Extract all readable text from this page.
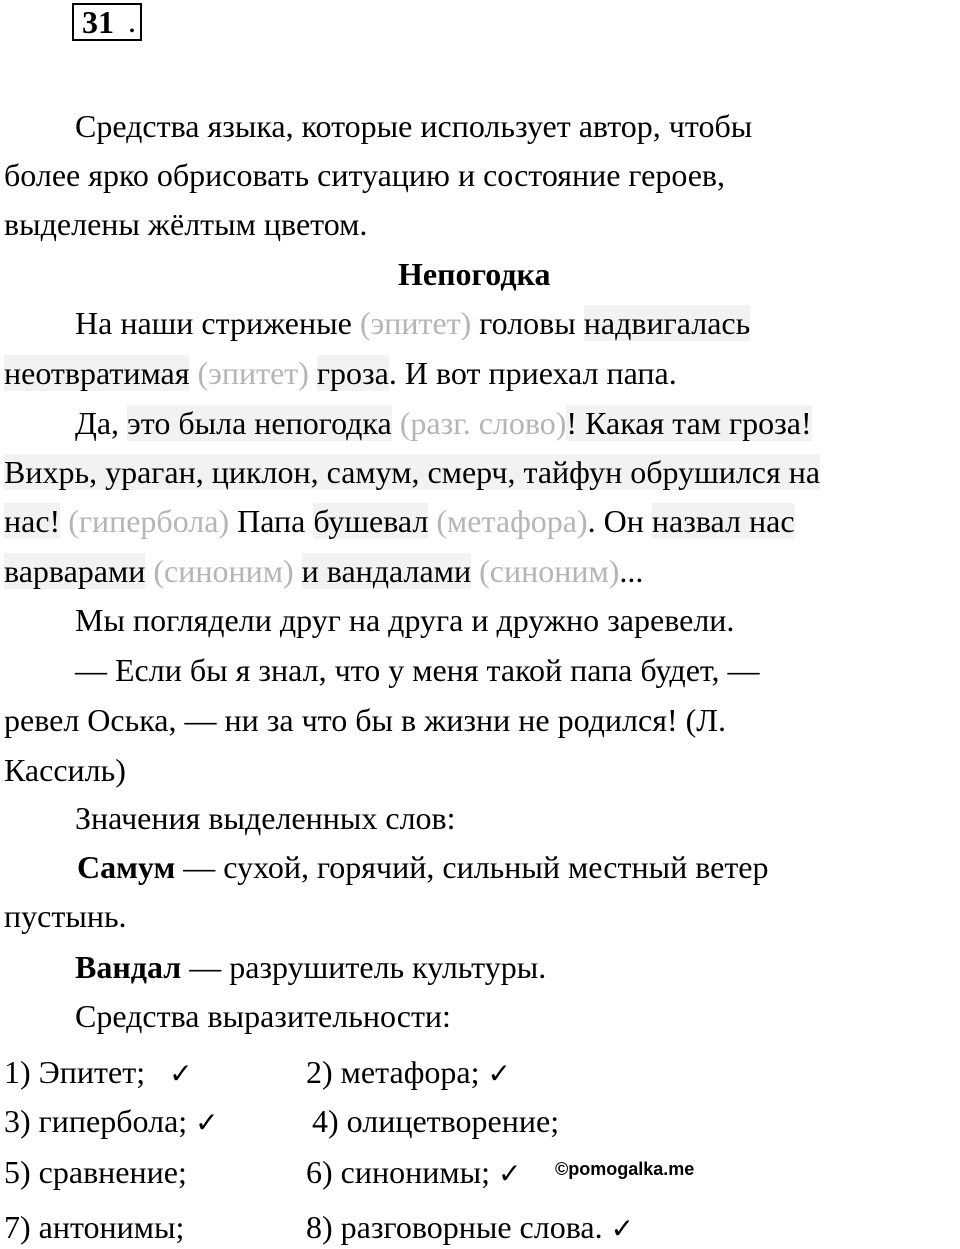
31 .
Средства языка, которые использует автор, чтобы
более ярко обрисовать ситуацию и состояние героев,
выделены жёлтым цветом.
Непогодка
На наши стриженые (эпитет) головы надвигалась
неотвратимая (эпитет) гроза. И вот приехал папа.
Да, это была непогодка (разг. слово)! Какая там гроза!
Вихрь, ураган, циклон, самум, смерч, тайфун обрушился на
нас! (гипербола) Папа бушевал (метафора). Он назвал нас
варварами (синоним) и вандалами (синоним)...
Мы поглядели друг на друга и дружно заревели.
— Если бы я знал, что у меня такой папа будет, —
ревел Оська, — ни за что бы в жизни не родился! (Л.
Кассиль)
Значения выделенных слов:
Самум — сухой, горячий, сильный местный ветер
пустынь.
Вандал — разрушитель культуры.
Средства выразительности:
1) Эпитет; ✓	2) метафора; ✓
3) гипербола; ✓	4) олицетворение;
5) сравнение;	6) синонимы; ✓ ©pomogalka.me
7) антонимы;	8) разговорные слова. ✓
